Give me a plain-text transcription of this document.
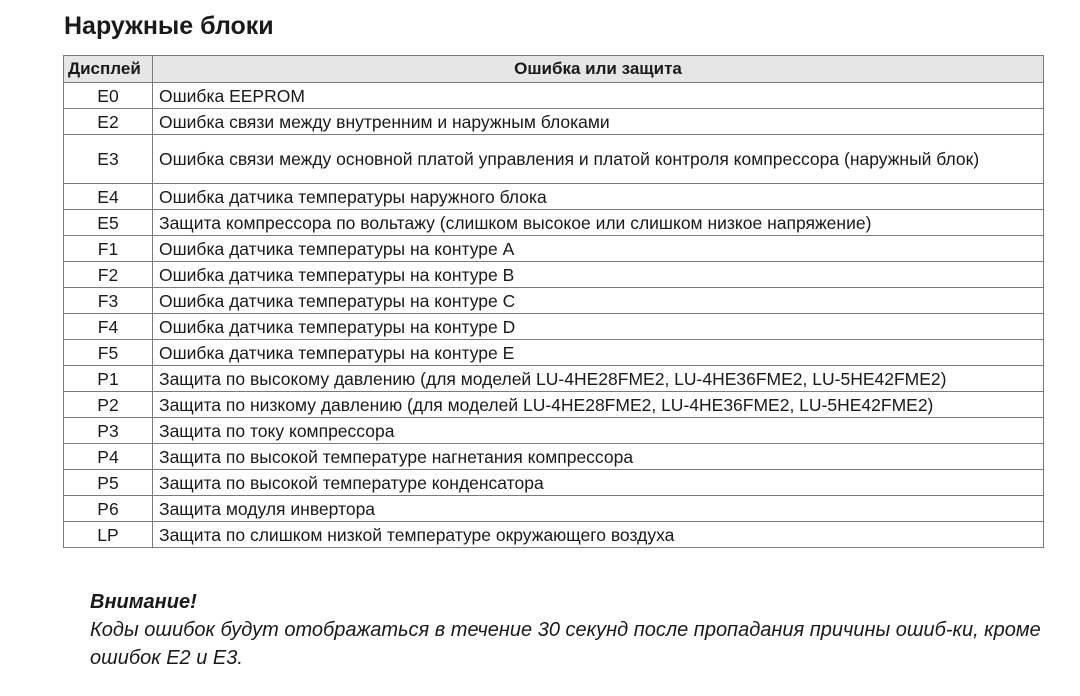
Наружные блоки
Дисплей	Ошибка или защита
E0	Ошибка EEPROM
E2	Ошибка связи между внутренним и наружным блоками
E3	Ошибка связи между основной платой управления и платой контроля компрессора (наружный блок)
E4	Ошибка датчика температуры наружного блока
E5	Защита компрессора по вольтажу (слишком высокое или слишком низкое напряжение)
F1	Ошибка датчика температуры на контуре А
F2	Ошибка датчика температуры на контуре В
F3	Ошибка датчика температуры на контуре С
F4	Ошибка датчика температуры на контуре D
F5	Ошибка датчика температуры на контуре E
P1	Защита по высокому давлению (для моделей LU-4HE28FME2, LU-4HE36FME2, LU-5HE42FME2)
P2	Защита по низкому давлению (для моделей LU-4HE28FME2, LU-4HE36FME2, LU-5HE42FME2)
P3	Защита по току компрессора
P4	Защита по высокой температуре нагнетания компрессора
P5	Защита по высокой температуре конденсатора
P6	Защита модуля инвертора
LP	Защита по слишком низкой температуре окружающего воздуха
Внимание!
Коды ошибок будут отображаться в течение 30 секунд после пропадания причины ошиб-ки, кроме ошибок E2 и E3.
